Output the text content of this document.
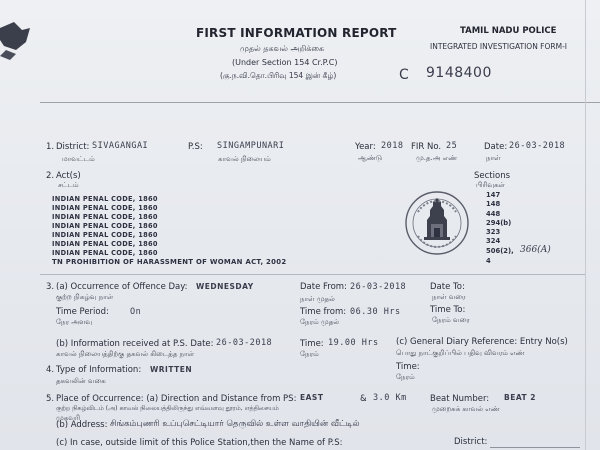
FIRST INFORMATION REPORT
முதல் தகவல் அறிக்கை
(Under Section 154 Cr.P.C)
(கு.ந.வி.தொ.பிரிவு 154 இன் கீழ்)
TAMIL NADU POLICE
INTEGRATED INVESTIGATION FORM-I
C 9148400
1. District: SIVAGANGAI
மாவட்டம்
P.S: SINGAMPUNARI
காவல் நிலையம்
Year: 2018
ஆண்டு
FIR No. 25
மு.த.அ எண்
Date: 26-03-2018
நாள்
2. Act(s)
சட்டம்
Sections
பிரிவுகள்
INDIAN PENAL CODE, 1860
INDIAN PENAL CODE, 1860
INDIAN PENAL CODE, 1860
INDIAN PENAL CODE, 1860
INDIAN PENAL CODE, 1860
INDIAN PENAL CODE, 1860
INDIAN PENAL CODE, 1860
TN PROHIBITION OF HARASSMENT OF WOMAN ACT, 2002
147
148
448
294(b)
323
324
506(2), 366(A)
4
3. (a) Occurrence of Offence Day: WEDNESDAY
குற்ற நிகழ்வு நாள்
Date From: 26-03-2018
நாள் முதல்
Date To:
நாள் வரை
Time Period: On
நேர அளவு
Time from: 06.30 Hrs
நேரம் முதல்
Time To:
நேரம் வரை
(b) Information received at P.S. Date: 26-03-2018
காவல் நிலையத்திற்கு தகவல் கிடைத்த நாள்
Time: 19.00 Hrs
நேரம்
(c) General Diary Reference: Entry No(s)
பொது நாட்குறிப்பில் பதிவு விவரம் எண்
Time:
நேரம்
4. Type of Information: WRITTEN
தகவலின் வகை
5. Place of Occurrence: (a) Direction and Distance from PS: EAST	& 3.0 Km
குற்ற நிகழ்விடம் (அ) காவல் நிலையத்திலிருந்து எவ்வளவு தூரம், எத்திசையம்
முகவரி
Beat Number: BEAT 2
முறைசுக் காவல் எண்
(b) Address: சிங்கம்புணரி உப்புசெட்டியார் தெருவில் உள்ள வாதியின் வீட்டில்
(c) In case, outside limit of this Police Station,then the Name of P.S:	District:
